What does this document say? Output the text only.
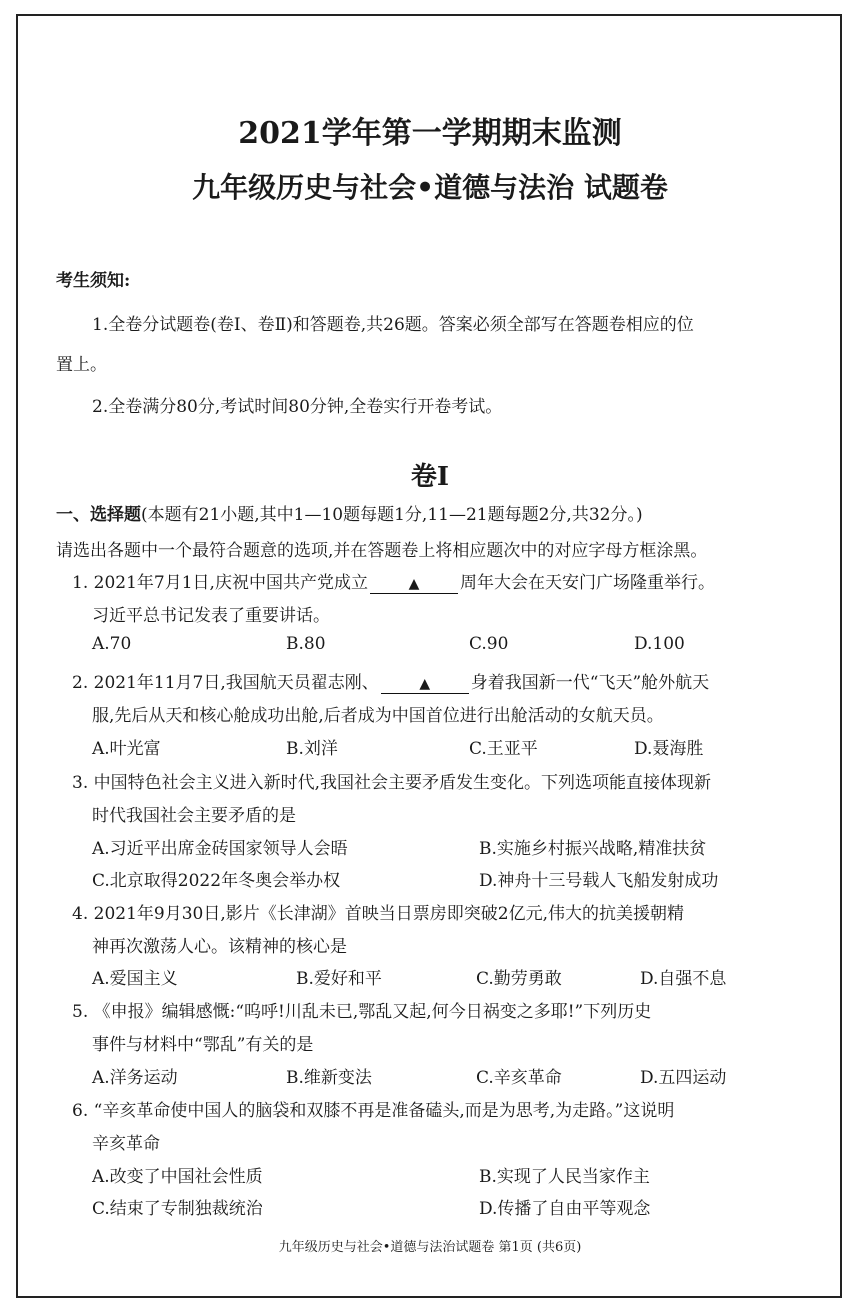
2021学年第一学期期末监测
九年级历史与社会•道德与法治 试题卷
考生须知:
1.全卷分试题卷(卷Ⅰ、卷Ⅱ)和答题卷,共26题。答案必须全部写在答题卷相应的位
置上。
2.全卷满分80分,考试时间80分钟,全卷实行开卷考试。
卷Ⅰ
一、选择题(本题有21小题,其中1—10题每题1分,11—21题每题2分,共32分。)
请选出各题中一个最符合题意的选项,并在答题卷上将相应题次中的对应字母方框涂黑。
1. 2021年7月1日,庆祝中国共产党成立	▲ 周年大会在天安门广场隆重举行。
习近平总书记发表了重要讲话。
A.70	B.80	C.90	D.100
2. 2021年11月7日,我国航天员翟志刚、	▲ 身着我国新一代“飞天”舱外航天
服,先后从天和核心舱成功出舱,后者成为中国首位进行出舱活动的女航天员。
A.叶光富	B.刘洋	C.王亚平	D.聂海胜
3. 中国特色社会主义进入新时代,我国社会主要矛盾发生变化。下列选项能直接体现新
时代我国社会主要矛盾的是
A.习近平出席金砖国家领导人会晤	B.实施乡村振兴战略,精准扶贫
C.北京取得2022年冬奥会举办权	D.神舟十三号载人飞船发射成功
4. 2021年9月30日,影片《长津湖》首映当日票房即突破2亿元,伟大的抗美援朝精
神再次激荡人心。该精神的核心是
A.爱国主义	B.爱好和平	C.勤劳勇敢	D.自强不息
5. 《申报》编辑感慨:“呜呼!川乱未已,鄂乱又起,何今日祸变之多耶!”下列历史
事件与材料中“鄂乱”有关的是
A.洋务运动	B.维新变法	C.辛亥革命	D.五四运动
6. “辛亥革命使中国人的脑袋和双膝不再是准备磕头,而是为思考,为走路。”这说明
辛亥革命
A.改变了中国社会性质	B.实现了人民当家作主
C.结束了专制独裁统治	D.传播了自由平等观念
九年级历史与社会•道德与法治试题卷 第1页 (共6页)
